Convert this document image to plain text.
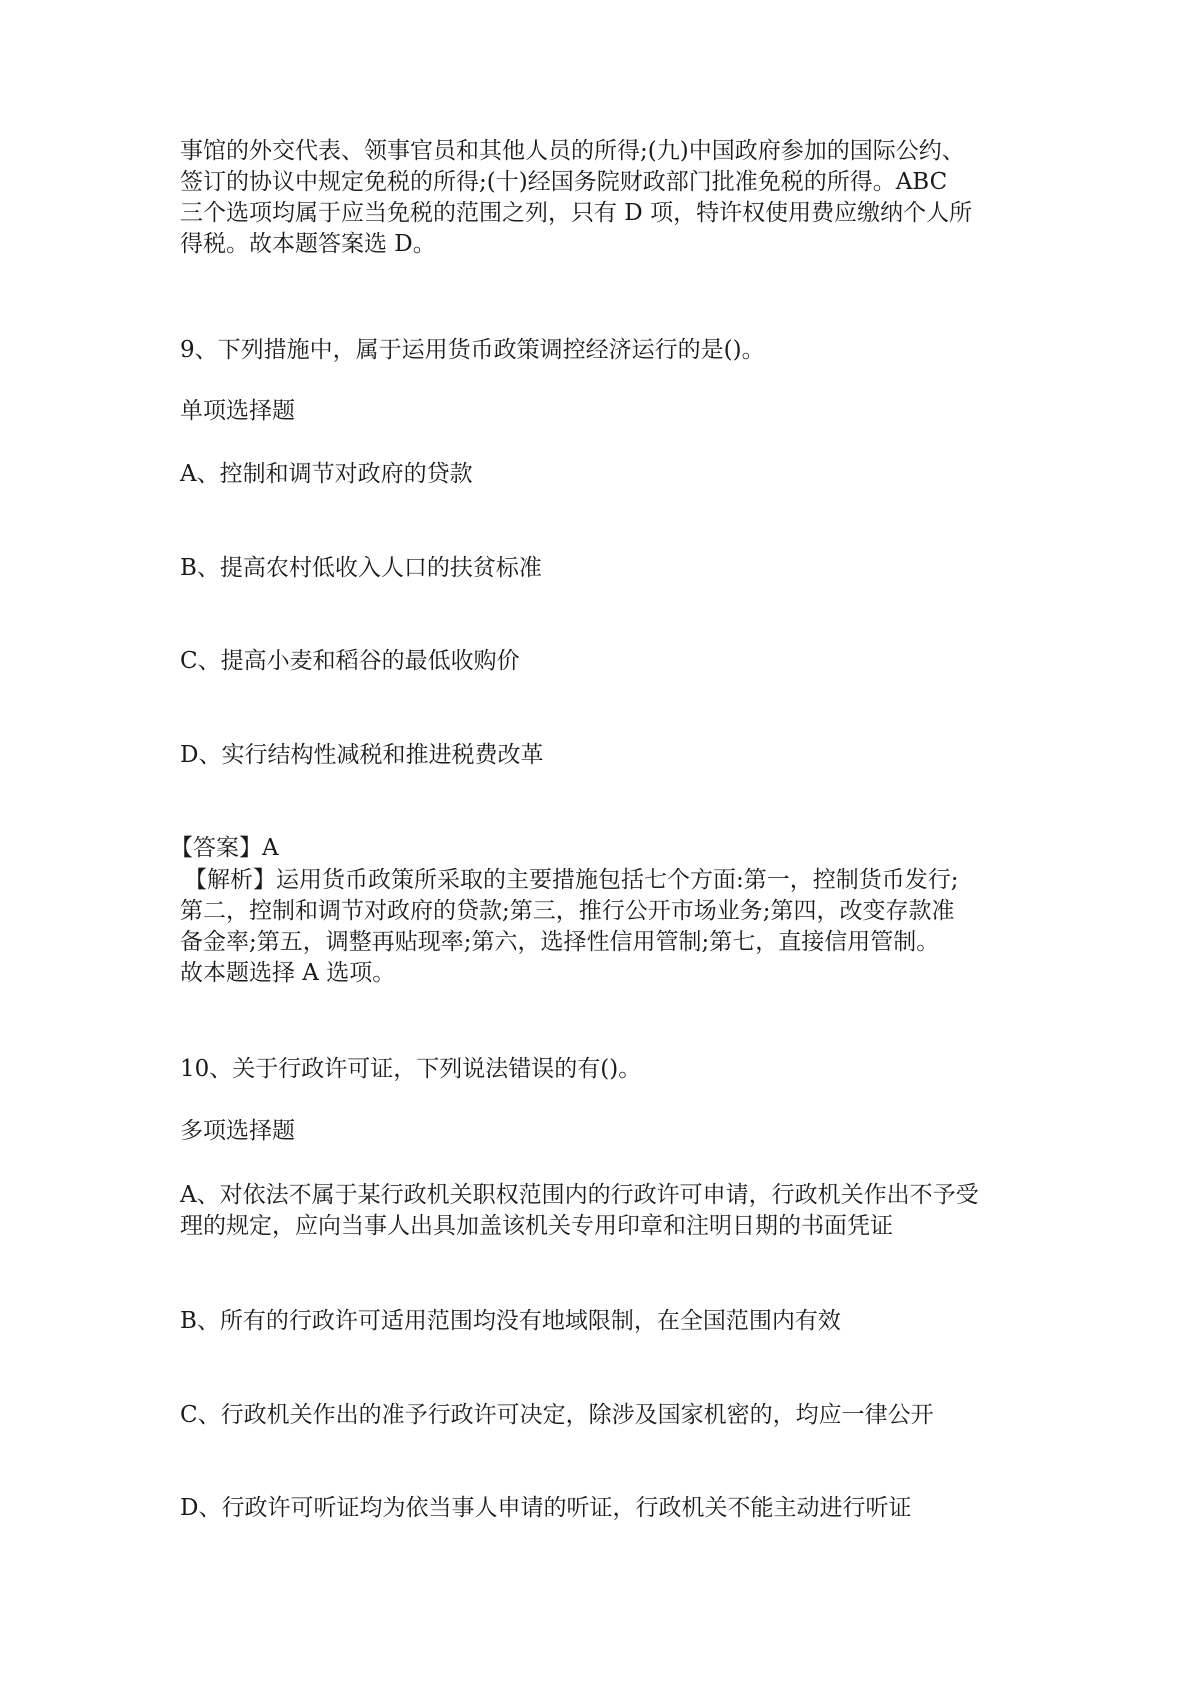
事馆的外交代表、领事官员和其他人员的所得;(九)中国政府参加的国际公约、
签订的协议中规定免税的所得;(十)经国务院财政部门批准免税的所得。ABC
三个选项均属于应当免税的范围之列，只有 D 项，特许权使用费应缴纳个人所
得税。故本题答案选 D。
9、下列措施中，属于运用货币政策调控经济运行的是()。
单项选择题
A、控制和调节对政府的贷款
B、提高农村低收入人口的扶贫标准
C、提高小麦和稻谷的最低收购价
D、实行结构性减税和推进税费改革
【答案】A
【解析】运用货币政策所采取的主要措施包括七个方面:第一，控制货币发行;
第二，控制和调节对政府的贷款;第三，推行公开市场业务;第四，改变存款准
备金率;第五，调整再贴现率;第六，选择性信用管制;第七，直接信用管制。
故本题选择 A 选项。
10、关于行政许可证，下列说法错误的有()。
多项选择题
A、对依法不属于某行政机关职权范围内的行政许可申请，行政机关作出不予受
理的规定，应向当事人出具加盖该机关专用印章和注明日期的书面凭证
B、所有的行政许可适用范围均没有地域限制，在全国范围内有效
C、行政机关作出的准予行政许可决定，除涉及国家机密的，均应一律公开
D、行政许可听证均为依当事人申请的听证，行政机关不能主动进行听证
